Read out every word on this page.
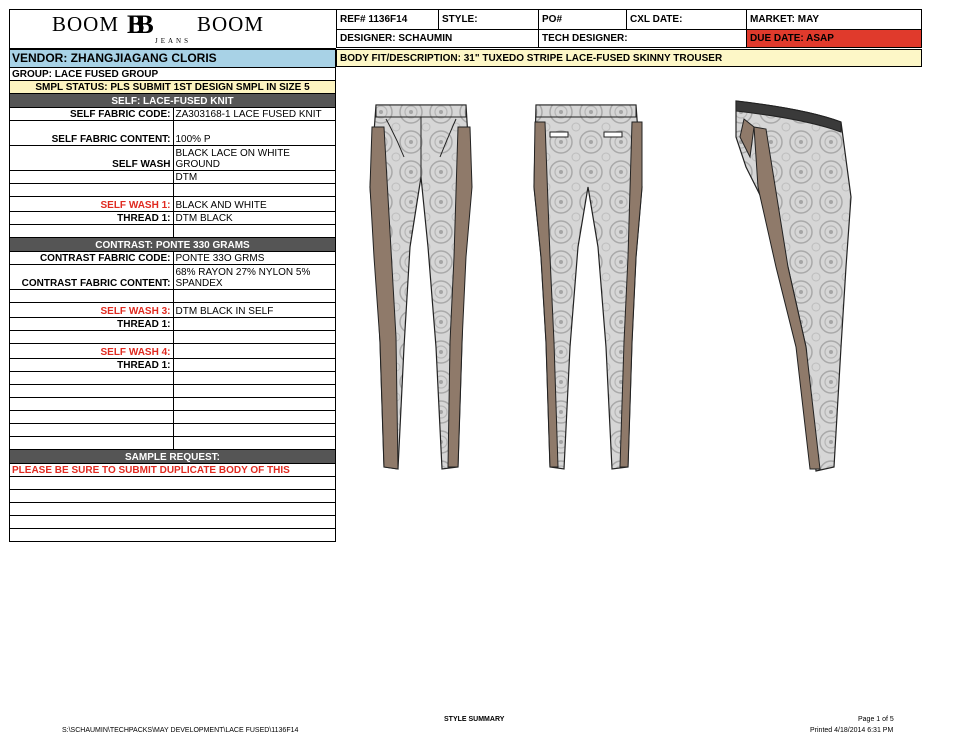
BOOM BB BOOM
JEANS
REF# 1136F14	STYLE:	PO#	CXL DATE:	MARKET: MAY
DESIGNER: SCHAUMIN		TECH DESIGNER:		DUE DATE: ASAP
BODY FIT/DESCRIPTION: 31" TUXEDO STRIPE LACE-FUSED SKINNY TROUSER
VENDOR: ZHANGJIAGANG CLORIS	
GROUP: LACE FUSED GROUP	
SMPL STATUS: PLS SUBMIT 1ST DESIGN SMPL IN SIZE 5	
SELF: LACE-FUSED KNIT	
SELF FABRIC CODE:	ZA303168-1 LACE FUSED KNIT
SELF FABRIC CONTENT:	100% P
SELF WASH	BLACK LACE ON WHITE
GROUND

	DTM

SELF WASH 1:	BLACK AND WHITE
THREAD 1:	DTM BLACK

CONTRAST: PONTE 330 GRAMS	
CONTRAST FABRIC CODE:	PONTE 33O GRMS
CONTRAST FABRIC CONTENT:	68% RAYON 27% NYLON 5%
SPANDEX

SELF WASH 3:	DTM BLACK IN SELF
THREAD 1:	

SELF WASH 4:	
THREAD 1:	

SAMPLE REQUEST:	
PLEASE BE SURE TO SUBMIT DUPLICATE BODY OF THIS	

STYLE SUMMARY
S:\SCHAUMIN\TECHPACKS\MAY DEVELOPMENT\LACE FUSED\1136F14
Page 1 of 5
Printed 4/18/2014 6:31 PM
